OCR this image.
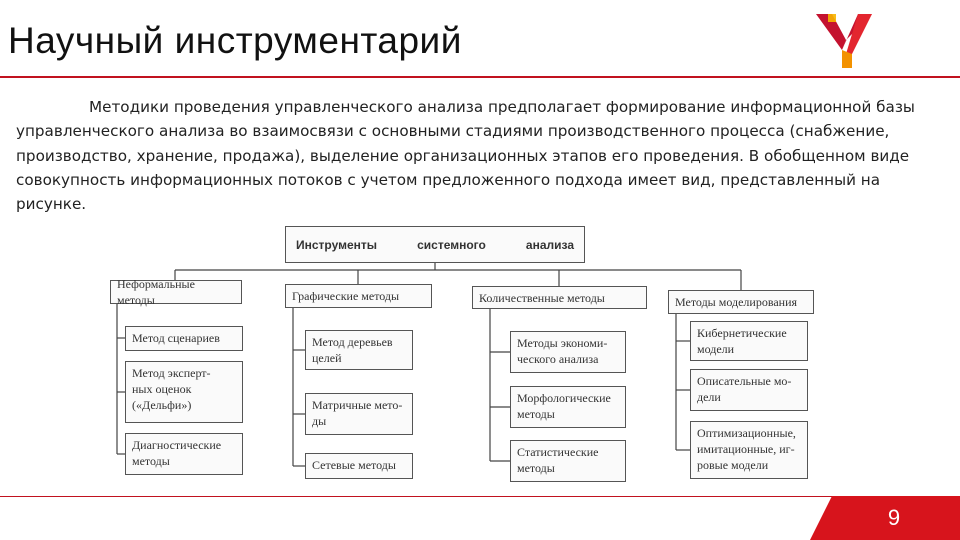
Научный инструментарий

Методики проведения управленческого анализа предполагает формирование информационной базы управленческого анализа во взаимосвязи с основными стадиями производственного процесса (снабжение, производство, хранение, продажа), выделение организационных этапов его проведения. В обобщенном виде совокупность информационных потоков с учетом предложенного подхода имеет вид, представленный на рисунке.

Инструменты	системного	анализа
Неформальные методы	Графические методы	Количественные методы	Методы моделирования
Метод сценариев
Метод эксперт-
ных оценок
(«Дельфи»)
Диагностические
методы
Метод деревьев
целей
Матричные мето-
ды
Сетевые методы
Методы экономи-
ческого анализа
Морфологические
методы
Статистические
методы
Кибернетические
модели
Описательные мо-
дели
Оптимизационные,
имитационные, иг-
ровые модели
9
